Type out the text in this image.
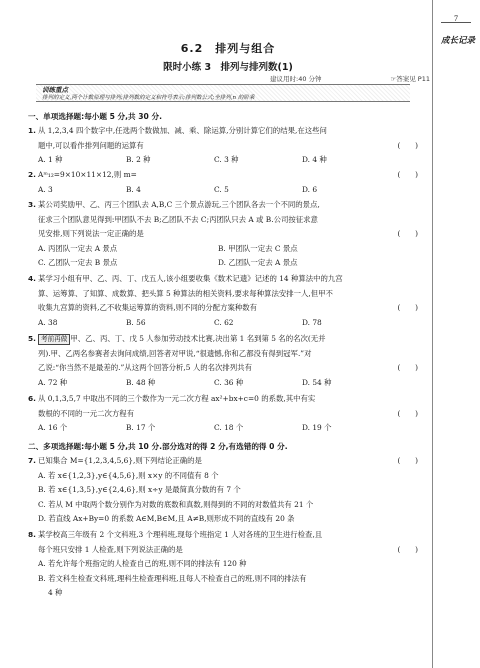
7
成长记录
6.2　排列与组合
限时小练 3　排列与排列数(1)
建议用时:40 分钟	☞答案见 P11
训练重点
排列的定义,两个计数原理与排列;排列数的定义和符号表示;排列数公式;全排列,n 的阶乘
一、单项选择题:每小题 5 分,共 30 分.
1. 从 1,2,3,4 四个数字中,任选两个数做加、减、乘、除运算,分别计算它们的结果,在这些问
题中,可以看作排列问题的运算有	(　　)
A. 1 种	B. 2 种	C. 3 种	D. 4 种
2. Aᵐ₁₂=9×10×11×12,则 m=	(　　)
A. 3	B. 4	C. 5	D. 6
3. 某公司奖励甲、乙、丙三个团队去 A,B,C 三个景点游玩,三个团队各去一个不同的景点,
征求三个团队意见得到:甲团队不去 B;乙团队不去 C;丙团队只去 A 或 B.公司按征求意
见安排,则下列说法一定正确的是	(　　)
A. 丙团队一定去 A 景点	B. 甲团队一定去 C 景点
C. 乙团队一定去 B 景点	D. 乙团队一定去 A 景点
4. 某学习小组有甲、乙、丙、丁、戊五人,该小组要收集《数术记遗》记述的 14 种算法中的九宫
算、运筹算、了知算、成数算、把头算 5 种算法的相关资料,要求每种算法安排一人,但甲不
收集九宫算的资料,乙不收集运筹算的资料,则不同的分配方案种数有	(　　)
A. 38	B. 56	C. 62	D. 78
5. 考前再做 甲、乙、丙、丁、戊 5 人参加劳动技术比赛,决出第 1 名到第 5 名的名次(无并
列).甲、乙两名参赛者去询问成绩,回答者对甲说,“很遗憾,你和乙都没有得到冠军.”对
乙说:“你当然不是最差的.”从这两个回答分析,5 人的名次排列共有	(　　)
A. 72 种	B. 48 种	C. 36 种	D. 54 种
6. 从 0,1,3,5,7 中取出不同的三个数作为一元二次方程 ax²+bx+c=0 的系数,其中有实
数根的不同的一元二次方程有	(　　)
A. 16 个	B. 17 个	C. 18 个	D. 19 个
二、多项选择题:每小题 5 分,共 10 分.部分选对的得 2 分,有选错的得 0 分.
7. 已知集合 M={1,2,3,4,5,6},则下列结论正确的是	(　　)
A. 若 x∈{1,2,3},y∈{4,5,6},则 x×y 的不同值有 8 个
B. 若 x∈{1,3,5},y∈{2,4,6},则 x÷y 是最简真分数的有 7 个
C. 若从 M 中取两个数分别作为对数的底数和真数,则得到的不同的对数值共有 21 个
D. 若直线 Ax+By=0 的系数 A∈M,B∈M,且 A≠B,则形成不同的直线有 20 条
8. 某学校高三年级有 2 个文科班,3 个理科班,现每个班指定 1 人对各班的卫生进行检查,且
每个班只安排 1 人检查,则下列说法正确的是	(　　)
A. 若允许每个班指定的人检查自己的班,则不同的排法有 120 种
B. 若文科生检查文科班,理科生检查理科班,且每人不检查自己的班,则不同的排法有
4 种
